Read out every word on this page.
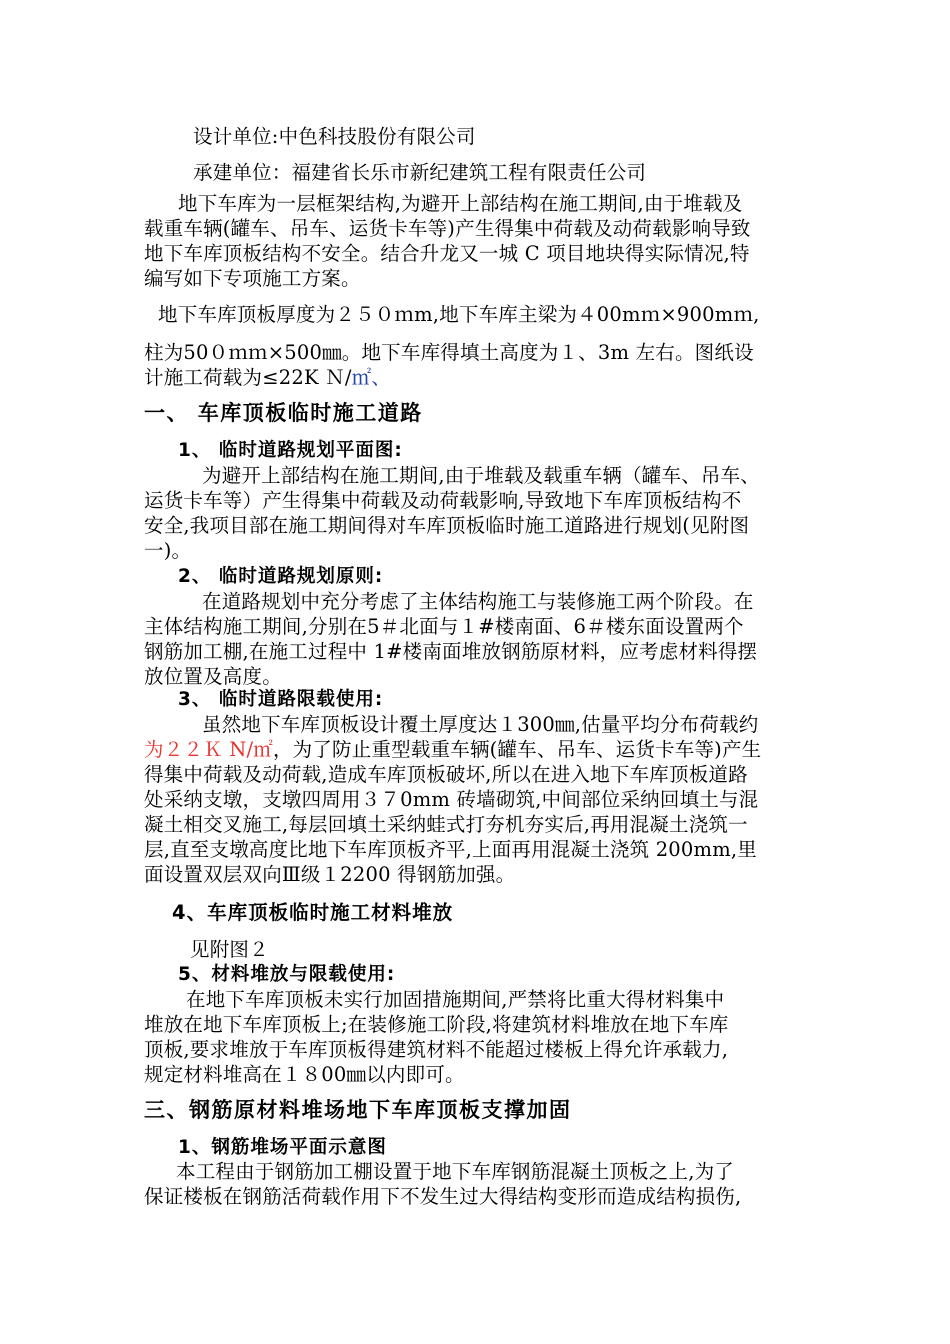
设计单位:中色科技股份有限公司
承建单位：福建省长乐市新纪建筑工程有限责任公司
地下车库为一层框架结构,为避开上部结构在施工期间,由于堆载及
载重车辆(罐车、吊车、运货卡车等)产生得集中荷载及动荷载影响导致
地下车库顶板结构不安全。结合升龙又一城 C 项目地块得实际情况,特
编写如下专项施工方案。
地下车库顶板厚度为２５０ｍm,地下车库主梁为４00mｍ×900mｍ,
柱为50０ｍｍ×500㎜。地下车库得填土高度为１、3m 左右。图纸设
计施工荷载为≤22K Ｎ/㎡、
一、 车库顶板临时施工道路
1、 临时道路规划平面图:
为避开上部结构在施工期间,由于堆载及载重车辆（罐车、吊车、
运货卡车等）产生得集中荷载及动荷载影响,导致地下车库顶板结构不
安全,我项目部在施工期间得对车库顶板临时施工道路进行规划(见附图
一)。
2、 临时道路规划原则:
在道路规划中充分考虑了主体结构施工与装修施工两个阶段。在
主体结构施工期间,分别在5＃北面与１#楼南面、6＃楼东面设置两个
钢筋加工棚,在施工过程中 1#楼南面堆放钢筋原材料，应考虑材料得摆
放位置及高度。
3、 临时道路限载使用:
虽然地下车库顶板设计覆土厚度达１300㎜,估量平均分布荷载约
为２２Ｋ N/㎡，为了防止重型载重车辆(罐车、吊车、运货卡车等)产生
得集中荷载及动荷载,造成车库顶板破坏,所以在进入地下车库顶板道路
处采纳支墩，支墩四周用３７0mm 砖墙砌筑,中间部位采纳回填土与混
凝土相交叉施工,每层回填土采纳蛙式打夯机夯实后,再用混凝土浇筑一
层,直至支墩高度比地下车库顶板齐平,上面再用混凝土浇筑 200mm,里
面设置双层双向Ⅲ级１2200 得钢筋加强。
4、车库顶板临时施工材料堆放
见附图２
5、材料堆放与限载使用:
在地下车库顶板未实行加固措施期间,严禁将比重大得材料集中
堆放在地下车库顶板上;在装修施工阶段,将建筑材料堆放在地下车库
顶板,要求堆放于车库顶板得建筑材料不能超过楼板上得允许承载力,
规定材料堆高在１８00㎜以内即可。
三、钢筋原材料堆场地下车库顶板支撑加固
1、钢筋堆场平面示意图
本工程由于钢筋加工棚设置于地下车库钢筋混凝土顶板之上,为了
保证楼板在钢筋活荷载作用下不发生过大得结构变形而造成结构损伤,
